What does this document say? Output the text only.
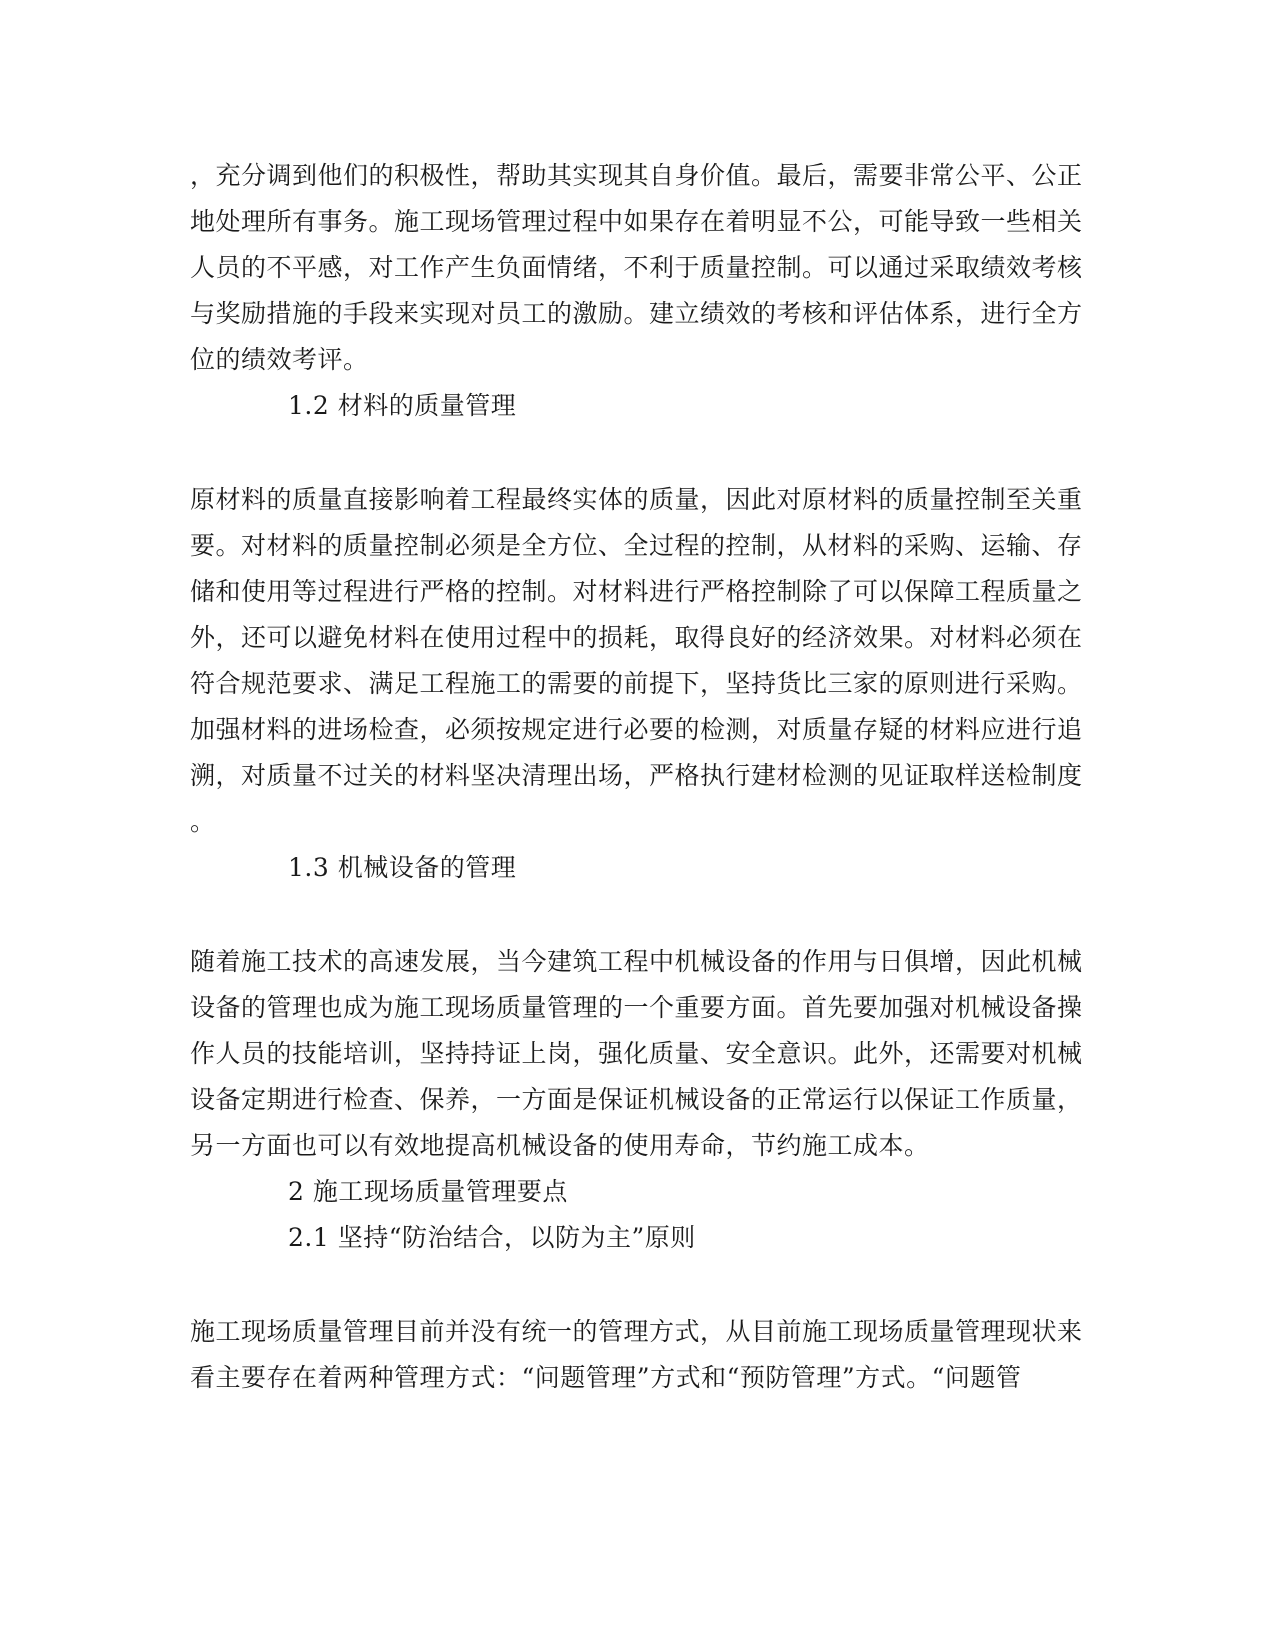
，充分调到他们的积极性，帮助其实现其自身价值。最后，需要非常公平、公正
地处理所有事务。施工现场管理过程中如果存在着明显不公，可能导致一些相关
人员的不平感，对工作产生负面情绪，不利于质量控制。可以通过采取绩效考核
与奖励措施的手段来实现对员工的激励。建立绩效的考核和评估体系，进行全方
位的绩效考评。
1.2 材料的质量管理
原材料的质量直接影响着工程最终实体的质量，因此对原材料的质量控制至关重
要。对材料的质量控制必须是全方位、全过程的控制，从材料的采购、运输、存
储和使用等过程进行严格的控制。对材料进行严格控制除了可以保障工程质量之
外，还可以避免材料在使用过程中的损耗，取得良好的经济效果。对材料必须在
符合规范要求、满足工程施工的需要的前提下，坚持货比三家的原则进行采购。
加强材料的进场检查，必须按规定进行必要的检测，对质量存疑的材料应进行追
溯，对质量不过关的材料坚决清理出场，严格执行建材检测的见证取样送检制度
。
1.3 机械设备的管理
随着施工技术的高速发展，当今建筑工程中机械设备的作用与日俱增，因此机械
设备的管理也成为施工现场质量管理的一个重要方面。首先要加强对机械设备操
作人员的技能培训，坚持持证上岗，强化质量、安全意识。此外，还需要对机械
设备定期进行检查、保养，一方面是保证机械设备的正常运行以保证工作质量，
另一方面也可以有效地提高机械设备的使用寿命，节约施工成本。
2 施工现场质量管理要点
2.1 坚持“防治结合，以防为主”原则
施工现场质量管理目前并没有统一的管理方式，从目前施工现场质量管理现状来
看主要存在着两种管理方式：“问题管理”方式和“预防管理”方式。“问题管
